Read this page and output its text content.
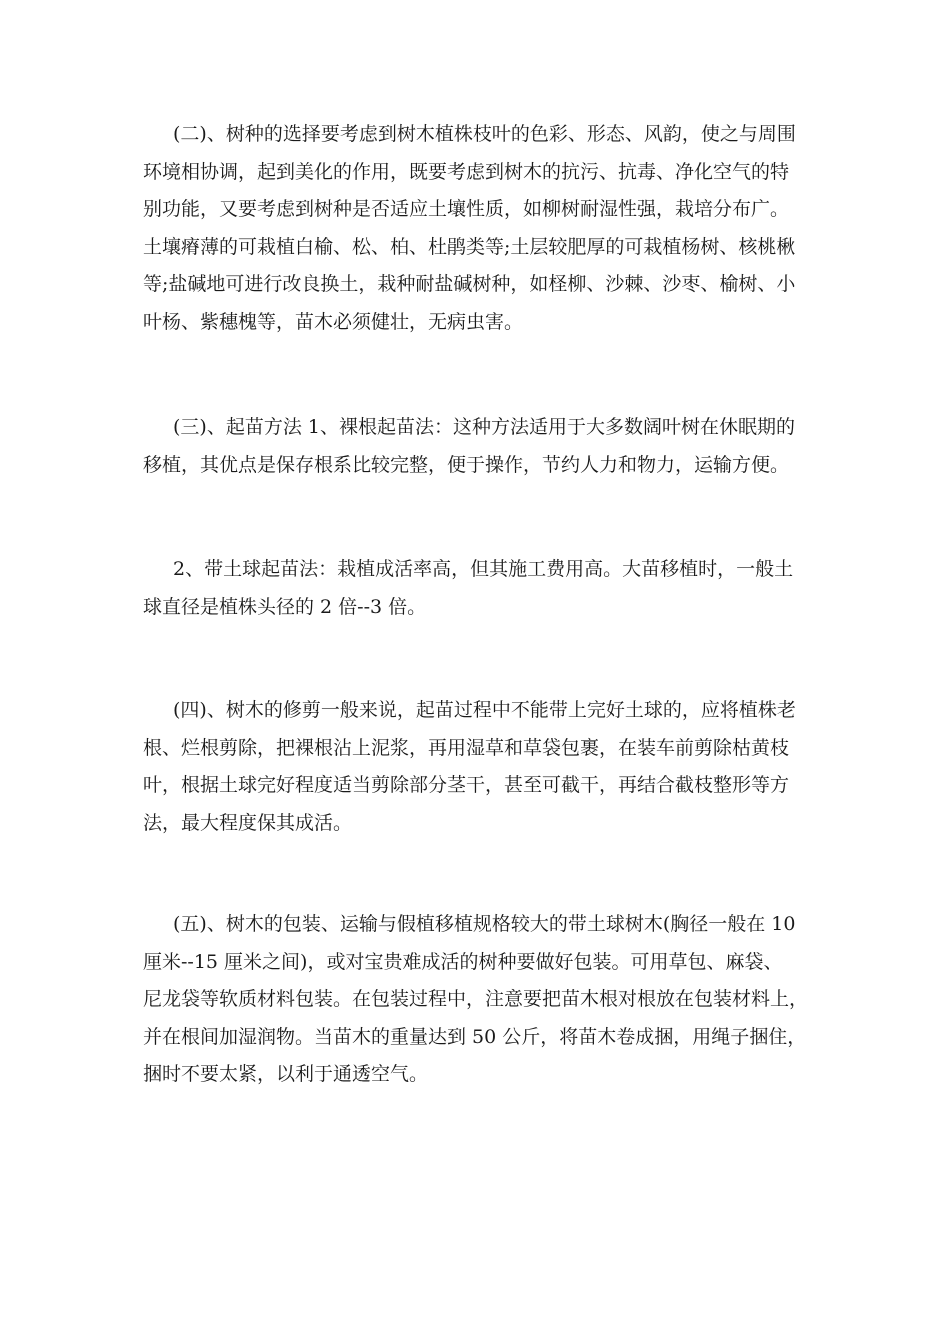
(二)、树种的选择要考虑到树木植株枝叶的色彩、形态、风韵，使之与周围
环境相协调，起到美化的作用，既要考虑到树木的抗污、抗毒、净化空气的特
别功能，又要考虑到树种是否适应土壤性质，如柳树耐湿性强，栽培分布广。
土壤瘠薄的可栽植白榆、松、柏、杜鹃类等;土层较肥厚的可栽植杨树、核桃楸
等;盐碱地可进行改良换土，栽种耐盐碱树种，如柽柳、沙棘、沙枣、榆树、小
叶杨、紫穗槐等，苗木必须健壮，无病虫害。
(三)、起苗方法 1、裸根起苗法：这种方法适用于大多数阔叶树在休眠期的
移植，其优点是保存根系比较完整，便于操作，节约人力和物力，运输方便。
2、带土球起苗法：栽植成活率高，但其施工费用高。大苗移植时，一般土
球直径是植株头径的 2 倍--3 倍。
(四)、树木的修剪一般来说，起苗过程中不能带上完好土球的，应将植株老
根、烂根剪除，把裸根沾上泥浆，再用湿草和草袋包裹，在装车前剪除枯黄枝
叶，根据土球完好程度适当剪除部分茎干，甚至可截干，再结合截枝整形等方
法，最大程度保其成活。
(五)、树木的包装、运输与假植移植规格较大的带土球树木(胸径一般在 10
厘米--15 厘米之间)，或对宝贵难成活的树种要做好包装。可用草包、麻袋、
尼龙袋等软质材料包装。在包装过程中，注意要把苗木根对根放在包装材料上，
并在根间加湿润物。当苗木的重量达到 50 公斤，将苗木卷成捆，用绳子捆住，
捆时不要太紧，以利于通透空气。
